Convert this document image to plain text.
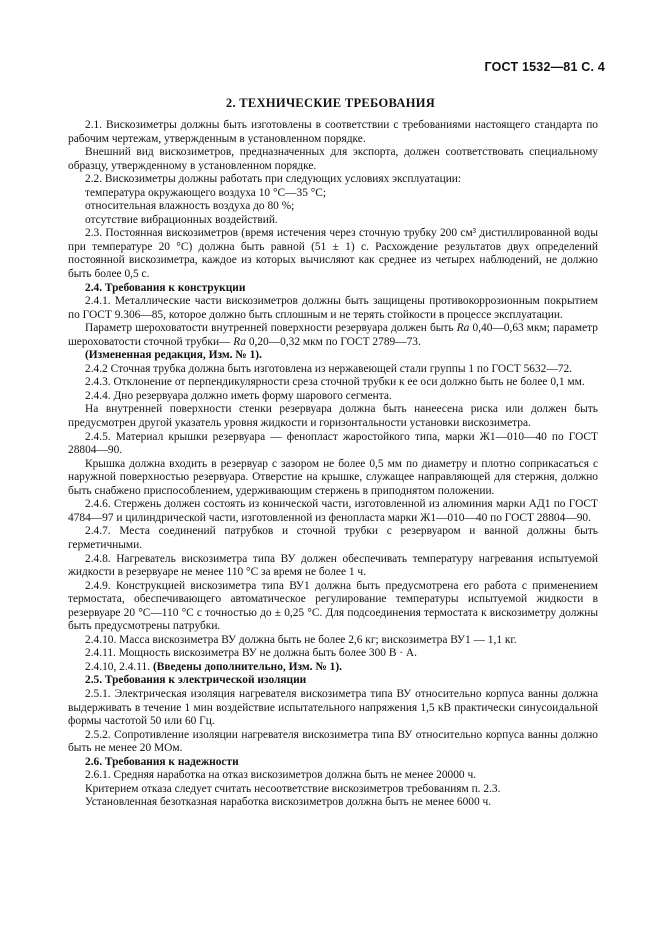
ГОСТ 1532—81 С. 4
2. ТЕХНИЧЕСКИЕ ТРЕБОВАНИЯ

2.1. Вискозиметры должны быть изготовлены в соответствии с требованиями настоящего стандарта по рабочим чертежам, утвержденным в установленном порядке.

Внешний вид вискозиметров, предназначенных для экспорта, должен соответствовать специальному образцу, утвержденному в установленном порядке.

2.2. Вискозиметры должны работать при следующих условиях эксплуатации:

температура окружающего воздуха 10 °С—35 °С;

относительная влажность воздуха до 80 %;

отсутствие вибрационных воздействий.

2.3. Постоянная вискозиметров (время истечения через сточную трубку 200 см³ дистиллированной воды при температуре 20 °С) должна быть равной (51 ± 1) с. Расхождение результатов двух определений постоянной вискозиметра, каждое из которых вычисляют как среднее из четырех наблюдений, не должно быть более 0,5 с.

2.4. Требования к конструкции

2.4.1. Металлические части вискозиметров должны быть защищены противокоррозионным покрытием по ГОСТ 9.306—85, которое должно быть сплошным и не терять стойкости в процессе эксплуатации.

Параметр шероховатости внутренней поверхности резервуара должен быть Ra 0,40—0,63 мкм; параметр шероховатости сточной трубки— Ra 0,20—0,32 мкм по ГОСТ 2789—73.

(Измененная редакция, Изм. № 1).

2.4.2 Сточная трубка должна быть изготовлена из нержавеющей стали группы 1 по ГОСТ 5632—72.

2.4.3. Отклонение от перпендикулярности среза сточной трубки к ее оси должно быть не более 0,1 мм.

2.4.4. Дно резервуара должно иметь форму шарового сегмента.

На внутренней поверхности стенки резервуара должна быть нанеесена риска или должен быть предусмотрен другой указатель уровня жидкости и горизонтальности установки вискозиметра.

2.4.5. Материал крышки резервуара — фенопласт жаростойкого типа, марки Ж1—010—40 по ГОСТ 28804—90.

Крышка должна входить в резервуар с зазором не более 0,5 мм по диаметру и плотно соприкасаться с наружной поверхностью резервуара. Отверстие на крышке, служащее направляющей для стержня, должно быть снабжено приспособлением, удерживающим стержень в приподнятом положении.

2.4.6. Стержень должен состоять из конической части, изготовленной из алюминия марки АД1 по ГОСТ 4784—97 и цилиндрической части, изготовленной из фенопласта марки Ж1—010—40 по ГОСТ 28804—90.

2.4.7. Места соединений патрубков и сточной трубки с резервуаром и ванной должны быть герметичными.

2.4.8. Нагреватель вискозиметра типа ВУ должен обеспечивать температуру нагревания испытуемой жидкости в резервуаре не менее 110 °С за время не более 1 ч.

2.4.9. Конструкцией вискозиметра типа ВУ1 должна быть предусмотрена его работа с применением термостата, обеспечивающего автоматическое регулирование температуры испытуемой жидкости в резервуаре 20 °С—110 °С с точностью до ± 0,25 °С. Для подсоединения термостата к вискозиметру должны быть предусмотрены патрубки.

2.4.10. Масса вискозиметра ВУ должна быть не более 2,6 кг; вискозиметра ВУ1 — 1,1 кг.

2.4.11. Мощность вискозиметра ВУ не должна быть более 300 В · А.

2.4.10, 2.4.11. (Введены дополнительно, Изм. № 1).

2.5. Требования к электрической изоляции

2.5.1. Электрическая изоляция нагревателя вискозиметра типа ВУ относительно корпуса ванны должна выдерживать в течение 1 мин воздействие испытательного напряжения 1,5 кВ практически синусоидальной формы частотой 50 или 60 Гц.

2.5.2. Сопротивление изоляции нагревателя вискозиметра типа ВУ относительно корпуса ванны должно быть не менее 20 МОм.

2.6. Требования к надежности

2.6.1. Средняя наработка на отказ вискозиметров должна быть не менее 20000 ч.

Критерием отказа следует считать несоответствие вискозиметров требованиям п. 2.3.

Установленная безотказная наработка вискозиметров должна быть не менее 6000 ч.
